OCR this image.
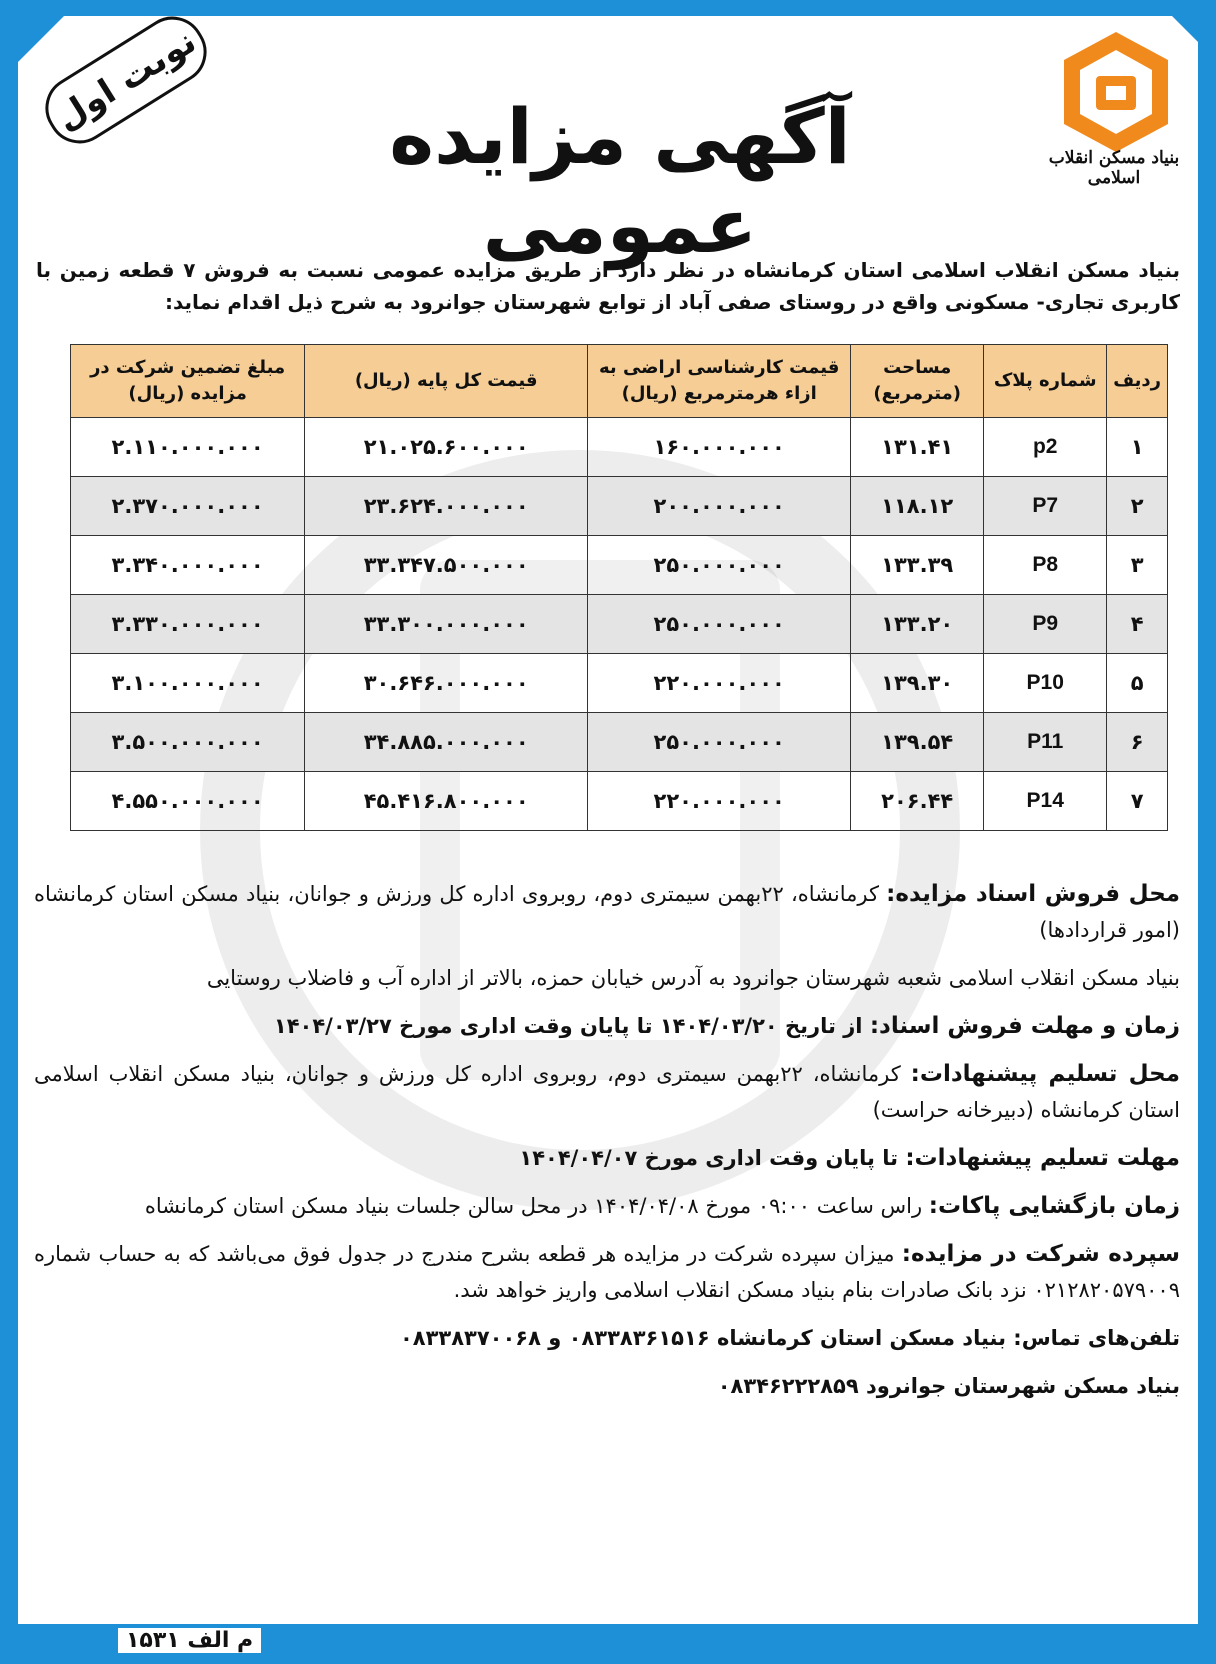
بنیاد مسکن انقلاب اسلامی
آگهی مزایده عمومی
نوبت اول
بنیاد مسکن انقلاب اسلامی استان کرمانشاه در نظر دارد از طریق مزایده عمومی نسبت به فروش ۷ قطعه زمین با کاربری تجاری- مسکونی واقع در روستای صفی آباد از توابع شهرستان جوانرود به شرح ذیل اقدام نماید:
ردیف	شماره پلاک	مساحت (مترمربع)	قیمت کارشناسی اراضی به ازاء هرمترمربع (ریال)	قیمت کل پایه (ریال)	مبلغ تضمین شرکت در مزایده (ریال)
۱	p2	۱۳۱.۴۱	۱۶۰.۰۰۰.۰۰۰	۲۱.۰۲۵.۶۰۰.۰۰۰	۲.۱۱۰.۰۰۰.۰۰۰
۲	P7	۱۱۸.۱۲	۲۰۰.۰۰۰.۰۰۰	۲۳.۶۲۴.۰۰۰.۰۰۰	۲.۳۷۰.۰۰۰.۰۰۰
۳	P8	۱۳۳.۳۹	۲۵۰.۰۰۰.۰۰۰	۳۳.۳۴۷.۵۰۰.۰۰۰	۳.۳۴۰.۰۰۰.۰۰۰
۴	P9	۱۳۳.۲۰	۲۵۰.۰۰۰.۰۰۰	۳۳.۳۰۰.۰۰۰.۰۰۰	۳.۳۳۰.۰۰۰.۰۰۰
۵	P10	۱۳۹.۳۰	۲۲۰.۰۰۰.۰۰۰	۳۰.۶۴۶.۰۰۰.۰۰۰	۳.۱۰۰.۰۰۰.۰۰۰
۶	P11	۱۳۹.۵۴	۲۵۰.۰۰۰.۰۰۰	۳۴.۸۸۵.۰۰۰.۰۰۰	۳.۵۰۰.۰۰۰.۰۰۰
۷	P14	۲۰۶.۴۴	۲۲۰.۰۰۰.۰۰۰	۴۵.۴۱۶.۸۰۰.۰۰۰	۴.۵۵۰.۰۰۰.۰۰۰

محل فروش اسناد مزایده: کرمانشاه، ۲۲بهمن سیمتری دوم، روبروی اداره کل ورزش و جوانان، بنیاد مسکن استان کرمانشاه (امور قراردادها)

بنیاد مسکن انقلاب اسلامی شعبه شهرستان جوانرود به آدرس خیابان حمزه، بالاتر از اداره آب و فاضلاب روستایی

زمان و مهلت فروش اسناد: از تاریخ ۱۴۰۴/۰۳/۲۰ تا پایان وقت اداری مورخ ۱۴۰۴/۰۳/۲۷

محل تسلیم پیشنهادات: کرمانشاه، ۲۲بهمن سیمتری دوم، روبروی اداره کل ورزش و جوانان، بنیاد مسکن انقلاب اسلامی استان کرمانشاه (دبیرخانه حراست)

مهلت تسلیم پیشنهادات: تا پایان وقت اداری مورخ ۱۴۰۴/۰۴/۰۷

زمان بازگشایی پاکات: راس ساعت ۰۹:۰۰ مورخ ۱۴۰۴/۰۴/۰۸ در محل سالن جلسات بنیاد مسکن استان کرمانشاه

سپرده شرکت در مزایده: میزان سپرده شرکت در مزایده هر قطعه بشرح مندرج در جدول فوق می‌باشد که به حساب شماره ۰۲۱۲۸۲۰۵۷۹۰۰۹ نزد بانک صادرات بنام بنیاد مسکن انقلاب اسلامی واریز خواهد شد.

تلفن‌های تماس: بنیاد مسکن استان کرمانشاه ۰۸۳۳۸۳۶۱۵۱۶ و ۰۸۳۳۸۳۷۰۰۶۸

بنیاد مسکن شهرستان جوانرود ۰۸۳۴۶۲۲۲۸۵۹

م الف ۱۵۳۱
